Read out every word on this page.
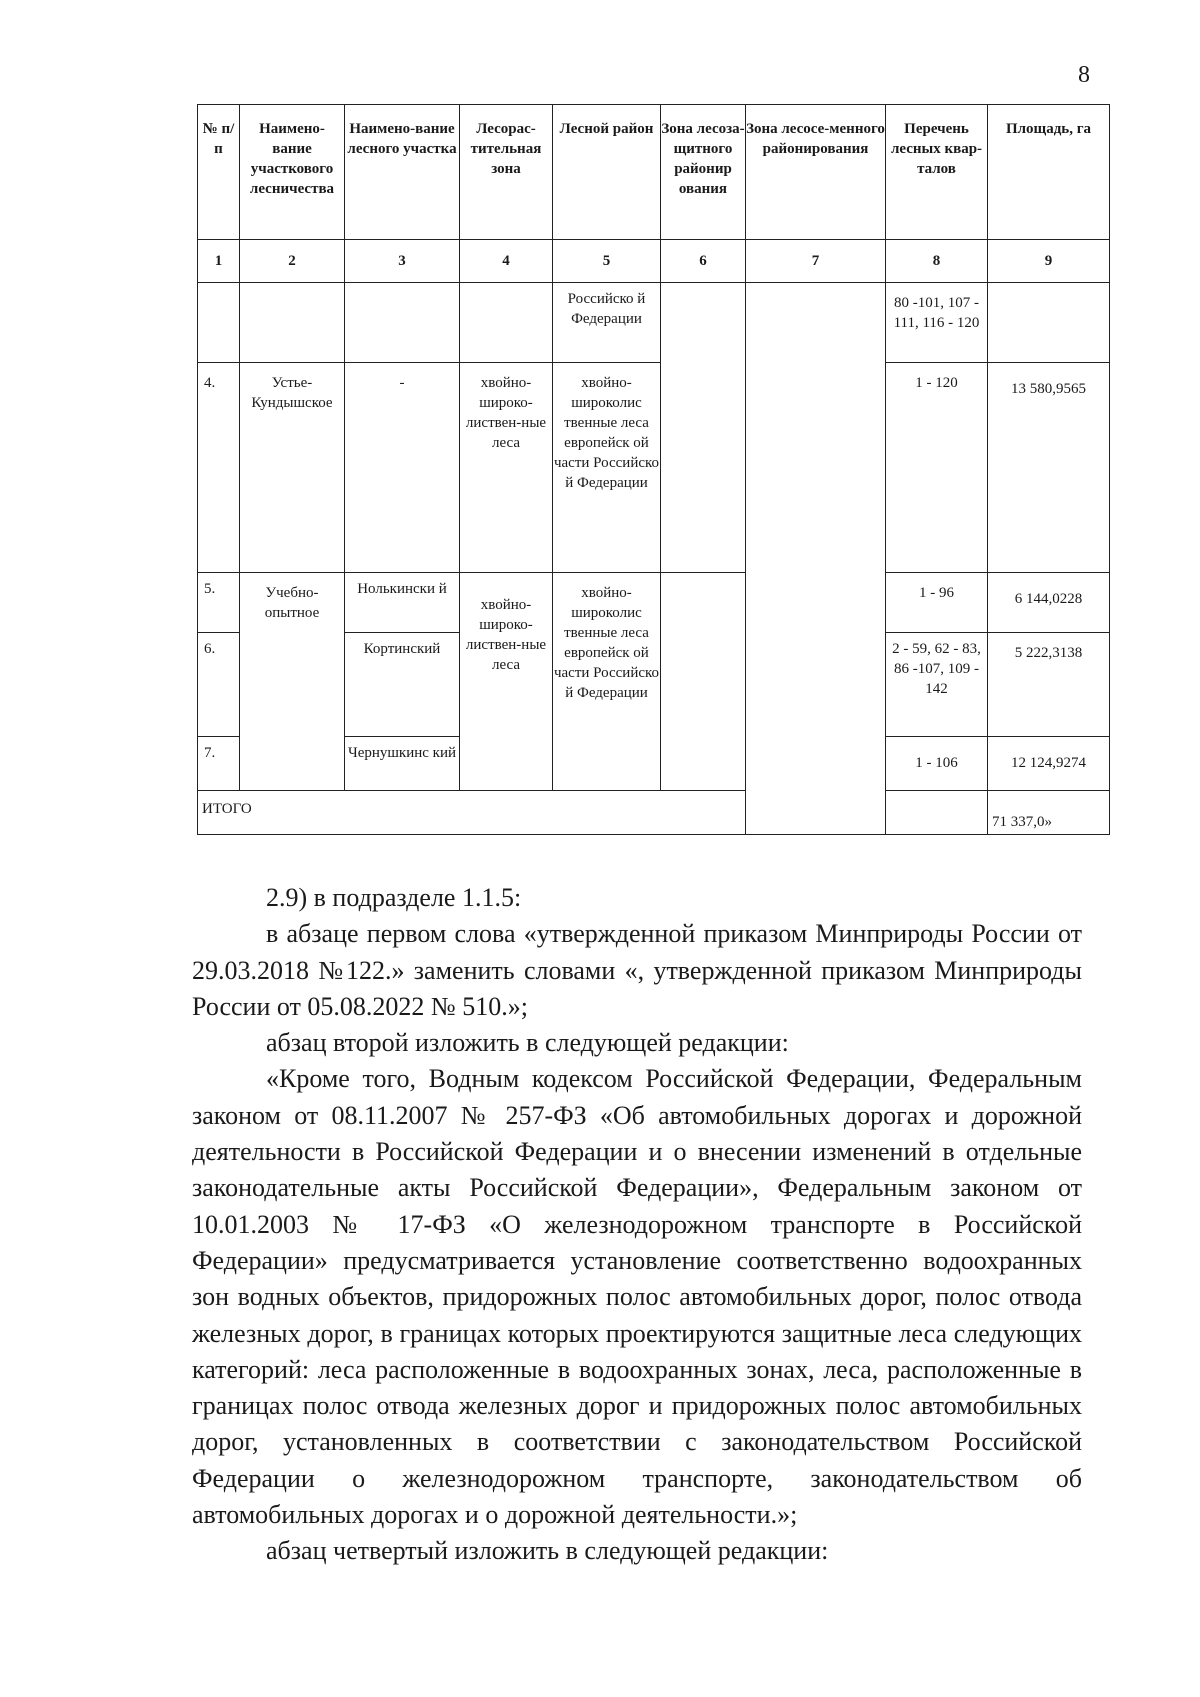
8
№ п/ п	Наимено-вание участкового лесничества	Наимено-вание лесного участка	Лесорас-тительная зона	Лесной район	Зона лесоза-щитного районир ования	Зона лесосе-менного районирования	Перечень лесных квар-талов	Площадь, га
1	2	3	4	5	6	7	8	9
				Российско й Федерации			80 -101, 107 - 111, 116 - 120	
4.	Устье-Кундышское	-	хвойно-широко-листвен-ные леса	хвойно-широколис твенные леса европейск ой части Российско й Федерации			1 - 120	13 580,9565
5.	Учебно-опытное	Нолькински й	хвойно-широко-листвен-ные леса	хвойно-широколис твенные леса европейск ой части Российско й Федерации			1 - 96	6 144,0228
6.		Кортинский					2 - 59, 62 - 83, 86 -107, 109 - 142	5 222,3138
7.		Чернушкинс кий					1 - 106	12 124,9274
ИТОГО								71 337,0»

2.9) в подразделе 1.1.5:

в абзаце первом слова «утвержденной приказом Минприроды России от 29.03.2018 №122.» заменить словами «, утвержденной приказом Минприроды России от 05.08.2022 № 510.»;

абзац второй изложить в следующей редакции:

«Кроме того, Водным кодексом Российской Федерации, Федеральным законом от 08.11.2007 № 257-ФЗ «Об автомобильных дорогах и дорожной деятельности в Российской Федерации и о внесении изменений в отдельные законодательные акты Российской Федерации», Федеральным законом от 10.01.2003 № 17-ФЗ «О железнодорожном транспорте в Российской Федерации» предусматривается установление соответственно водоохранных зон водных объектов, придорожных полос автомобильных дорог, полос отвода железных дорог, в границах которых проектируются защитные леса следующих категорий: леса расположенные в водоохранных зонах, леса, расположенные в границах полос отвода железных дорог и придорожных полос автомобильных дорог, установленных в соответствии с законодательством Российской Федерации о железнодорожном транспорте, законодательством об автомобильных дорогах и о дорожной деятельности.»;

абзац четвертый изложить в следующей редакции:
